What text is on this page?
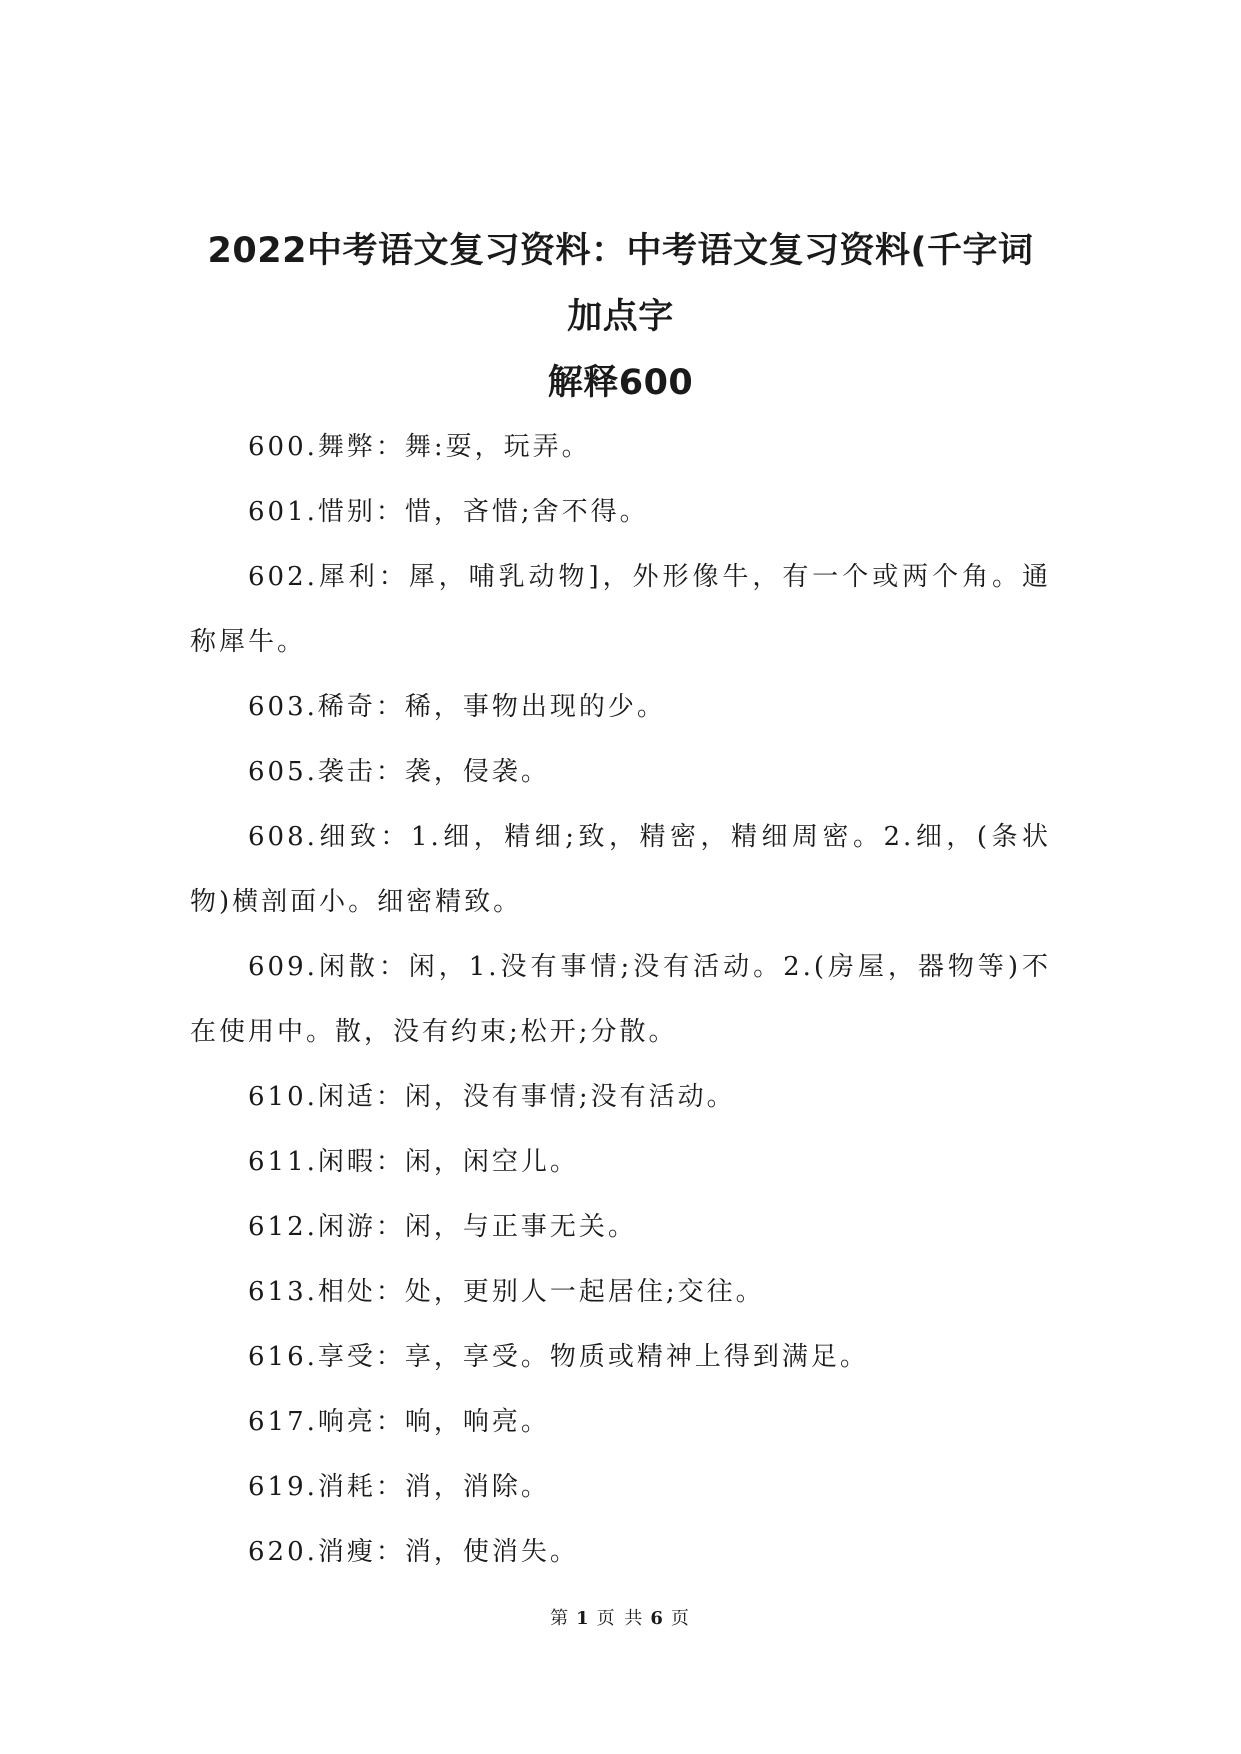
2022中考语文复习资料：中考语文复习资料(千字词加点字
解释600

600.舞弊：舞:耍，玩弄。

601.惜别：惜，吝惜;舍不得。

602.犀利：犀，哺乳动物]，外形像牛，有一个或两个角。通称犀牛。

603.稀奇：稀，事物出现的少。

605.袭击：袭，侵袭。

608.细致：1.细，精细;致，精密，精细周密。2.细，(条状物)横剖面小。细密精致。

609.闲散：闲，1.没有事情;没有活动。2.(房屋，器物等)不在使用中。散，没有约束;松开;分散。

610.闲适：闲，没有事情;没有活动。

611.闲暇：闲，闲空儿。

612.闲游：闲，与正事无关。

613.相处：处，更别人一起居住;交往。

616.享受：享，享受。物质或精神上得到满足。

617.响亮：响，响亮。

619.消耗：消，消除。

620.消瘦：消，使消失。

第 1 页 共 6 页
